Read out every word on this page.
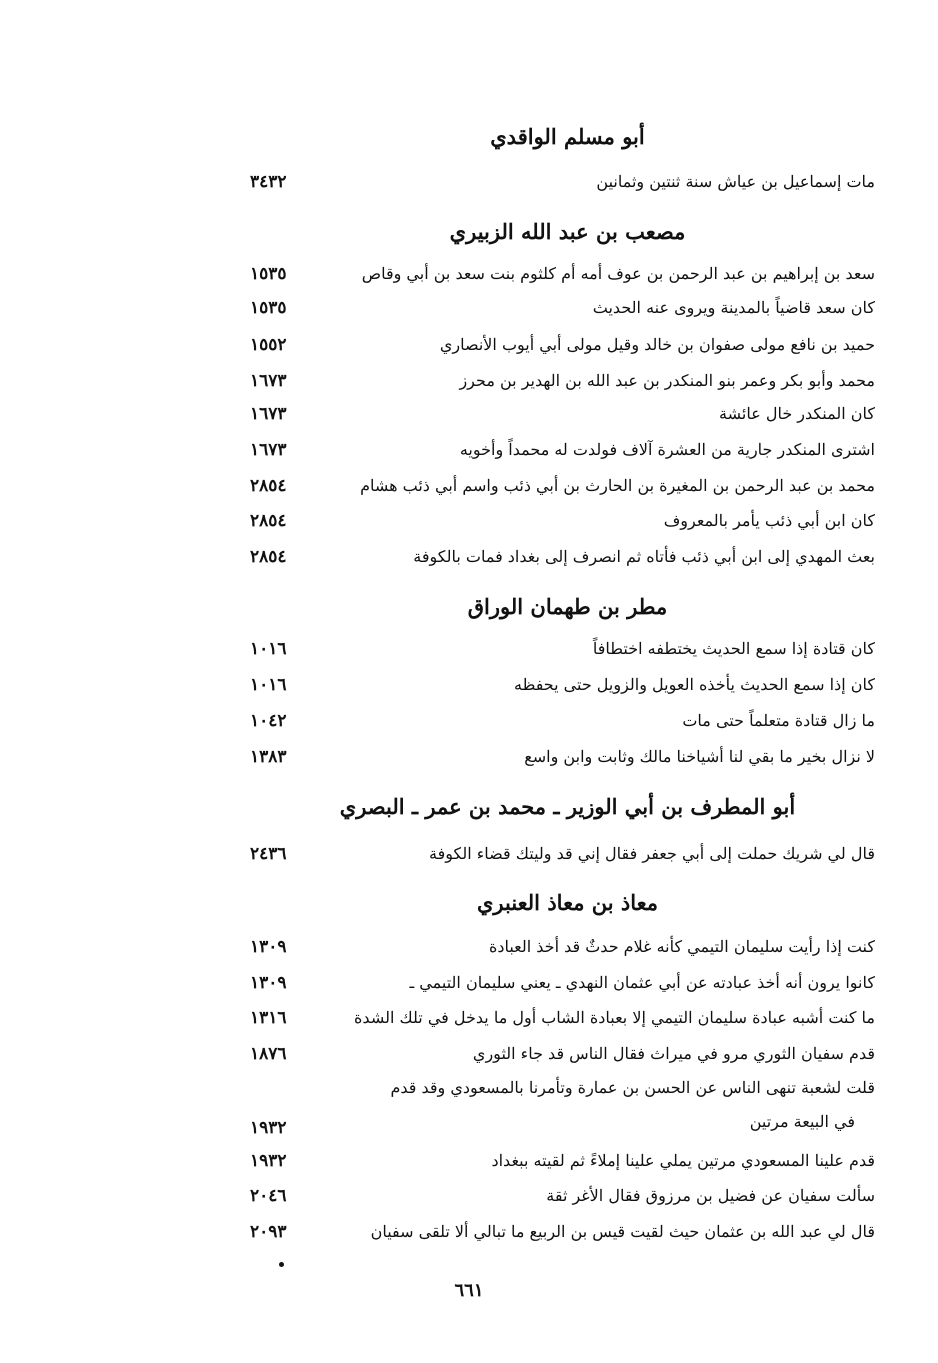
أبو مسلم الواقدي
مات إسماعيل بن عياش سنة ثنتين وثمانين
٣٤٣٢
مصعب بن عبد الله الزبيري
سعد بن إبراهيم بن عبد الرحمن بن عوف أمه أم كلثوم بنت سعد بن أبي وقاص
١٥٣٥
كان سعد قاضياً بالمدينة ويروى عنه الحديث
١٥٣٥
حميد بن نافع مولى صفوان بن خالد وقيل مولى أبي أيوب الأنصاري
١٥٥٢
محمد وأبو بكر وعمر بنو المنكدر بن عبد الله بن الهدير بن محرز
١٦٧٣
كان المنكدر خال عائشة
١٦٧٣
اشترى المنكدر جارية من العشرة آلاف فولدت له محمداً وأخويه
١٦٧٣
محمد بن عبد الرحمن بن المغيرة بن الحارث بن أبي ذئب واسم أبي ذئب هشام
٢٨٥٤
كان ابن أبي ذئب يأمر بالمعروف
٢٨٥٤
بعث المهدي إلى ابن أبي ذئب فأتاه ثم انصرف إلى بغداد فمات بالكوفة
٢٨٥٤
مطر بن طهمان الوراق
كان قتادة إذا سمع الحديث يختطفه اختطافاً
١٠١٦
كان إذا سمع الحديث يأخذه العويل والزويل حتى يحفظه
١٠١٦
ما زال قتادة متعلماً حتى مات
١٠٤٢
لا نزال بخير ما بقي لنا أشياخنا مالك وثابت وابن واسع
١٣٨٣
أبو المطرف بن أبي الوزير ـ محمد بن عمر ـ البصري
قال لي شريك حملت إلى أبي جعفر فقال إني قد وليتك قضاء الكوفة
٢٤٣٦
معاذ بن معاذ العنبري
كنت إذا رأيت سليمان التيمي كأنه غلام حدثٌ قد أخذ العبادة
١٣٠٩
كانوا يرون أنه أخذ عبادته عن أبي عثمان النهدي ـ يعني سليمان التيمي ـ
١٣٠٩
ما كنت أشبه عبادة سليمان التيمي إلا بعبادة الشاب أول ما يدخل في تلك الشدة
١٣١٦
قدم سفيان الثوري مرو في ميراث فقال الناس قد جاء الثوري
١٨٧٦
قلت لشعبة تنهى الناس عن الحسن بن عمارة وتأمرنا بالمسعودي وقد قدم
في البيعة مرتين
١٩٣٢
قدم علينا المسعودي مرتين يملي علينا إملاءً ثم لقيته ببغداد
١٩٣٢
سألت سفيان عن فضيل بن مرزوق فقال الأغر ثقة
٢٠٤٦
قال لي عبد الله بن عثمان حيث لقيت قيس بن الربيع ما تبالي ألا تلقى سفيان
٢٠٩٣
٦٦١
